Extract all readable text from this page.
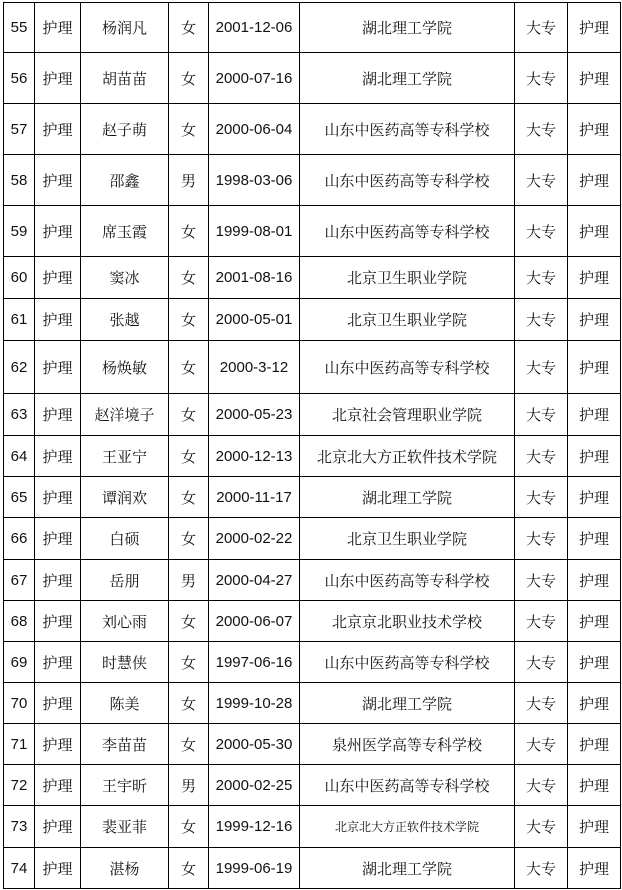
55	护理	杨润凡	女	2001-12-06	湖北理工学院	大专	护理
56	护理	胡苗苗	女	2000-07-16	湖北理工学院	大专	护理
57	护理	赵子萌	女	2000-06-04	山东中医药高等专科学校	大专	护理
58	护理	邵鑫	男	1998-03-06	山东中医药高等专科学校	大专	护理
59	护理	席玉霞	女	1999-08-01	山东中医药高等专科学校	大专	护理
60	护理	窦冰	女	2001-08-16	北京卫生职业学院	大专	护理
61	护理	张越	女	2000-05-01	北京卫生职业学院	大专	护理
62	护理	杨焕敏	女	2000-3-12	山东中医药高等专科学校	大专	护理
63	护理	赵洋境子	女	2000-05-23	北京社会管理职业学院	大专	护理
64	护理	王亚宁	女	2000-12-13	北京北大方正软件技术学院	大专	护理
65	护理	谭润欢	女	2000-11-17	湖北理工学院	大专	护理
66	护理	白硕	女	2000-02-22	北京卫生职业学院	大专	护理
67	护理	岳朋	男	2000-04-27	山东中医药高等专科学校	大专	护理
68	护理	刘心雨	女	2000-06-07	北京京北职业技术学校	大专	护理
69	护理	时慧侠	女	1997-06-16	山东中医药高等专科学校	大专	护理
70	护理	陈美	女	1999-10-28	湖北理工学院	大专	护理
71	护理	李苗苗	女	2000-05-30	泉州医学高等专科学校	大专	护理
72	护理	王宇昕	男	2000-02-25	山东中医药高等专科学校	大专	护理
73	护理	裴亚菲	女	1999-12-16	北京北大方正软件技术学院	大专	护理
74	护理	湛杨	女	1999-06-19	湖北理工学院	大专	护理
